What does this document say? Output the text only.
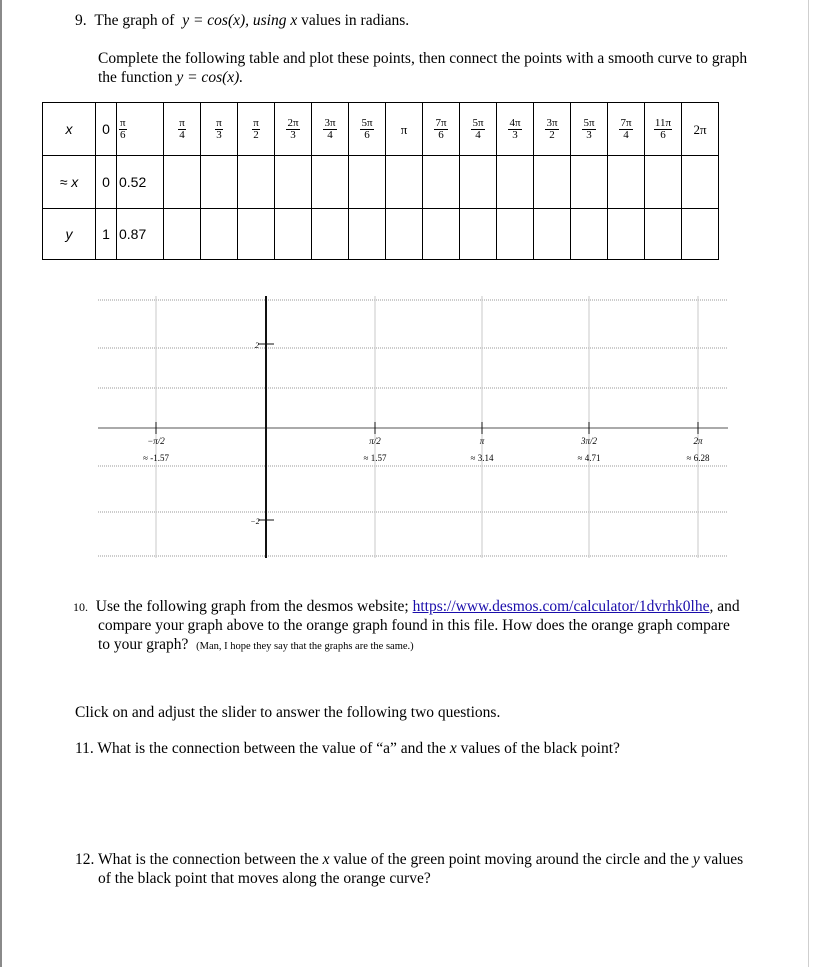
9. The graph of y = cos(x), using x values in radians.
Complete the following table and plot these points, then connect the points with a smooth curve to graph
the function y = cos(x).
x	0	$\frac{\pi}{6}$	$\frac{\pi}{4}$	$\frac{\pi}{3}$	$\frac{\pi}{2}$	$\frac{2\pi}{3}$	$\frac{3\pi}{4}$	$\frac{5\pi}{6}$	π	$\frac{7\pi}{6}$	$\frac{5\pi}{4}$	$\frac{4\pi}{3}$	$\frac{3\pi}{2}$	$\frac{5\pi}{3}$	$\frac{7\pi}{4}$	$\frac{11\pi}{6}$	2π
≈ x	0	0.52															
y	1	0.87															
−π/2
≈ -1.57
π/2
≈ 1.57
π
≈ 3.14
3π/2
≈ 4.71
2π
≈ 6.28
2
−2
10. Use the following graph from the desmos website; https://www.desmos.com/calculator/1dvrhk0lhe, and
compare your graph above to the orange graph found in this file. How does the orange graph compare
to your graph? (Man, I hope they say that the graphs are the same.)
Click on and adjust the slider to answer the following two questions.
11. What is the connection between the value of “a” and the x values of the black point?
12. What is the connection between the x value of the green point moving around the circle and the y values
of the black point that moves along the orange curve?
